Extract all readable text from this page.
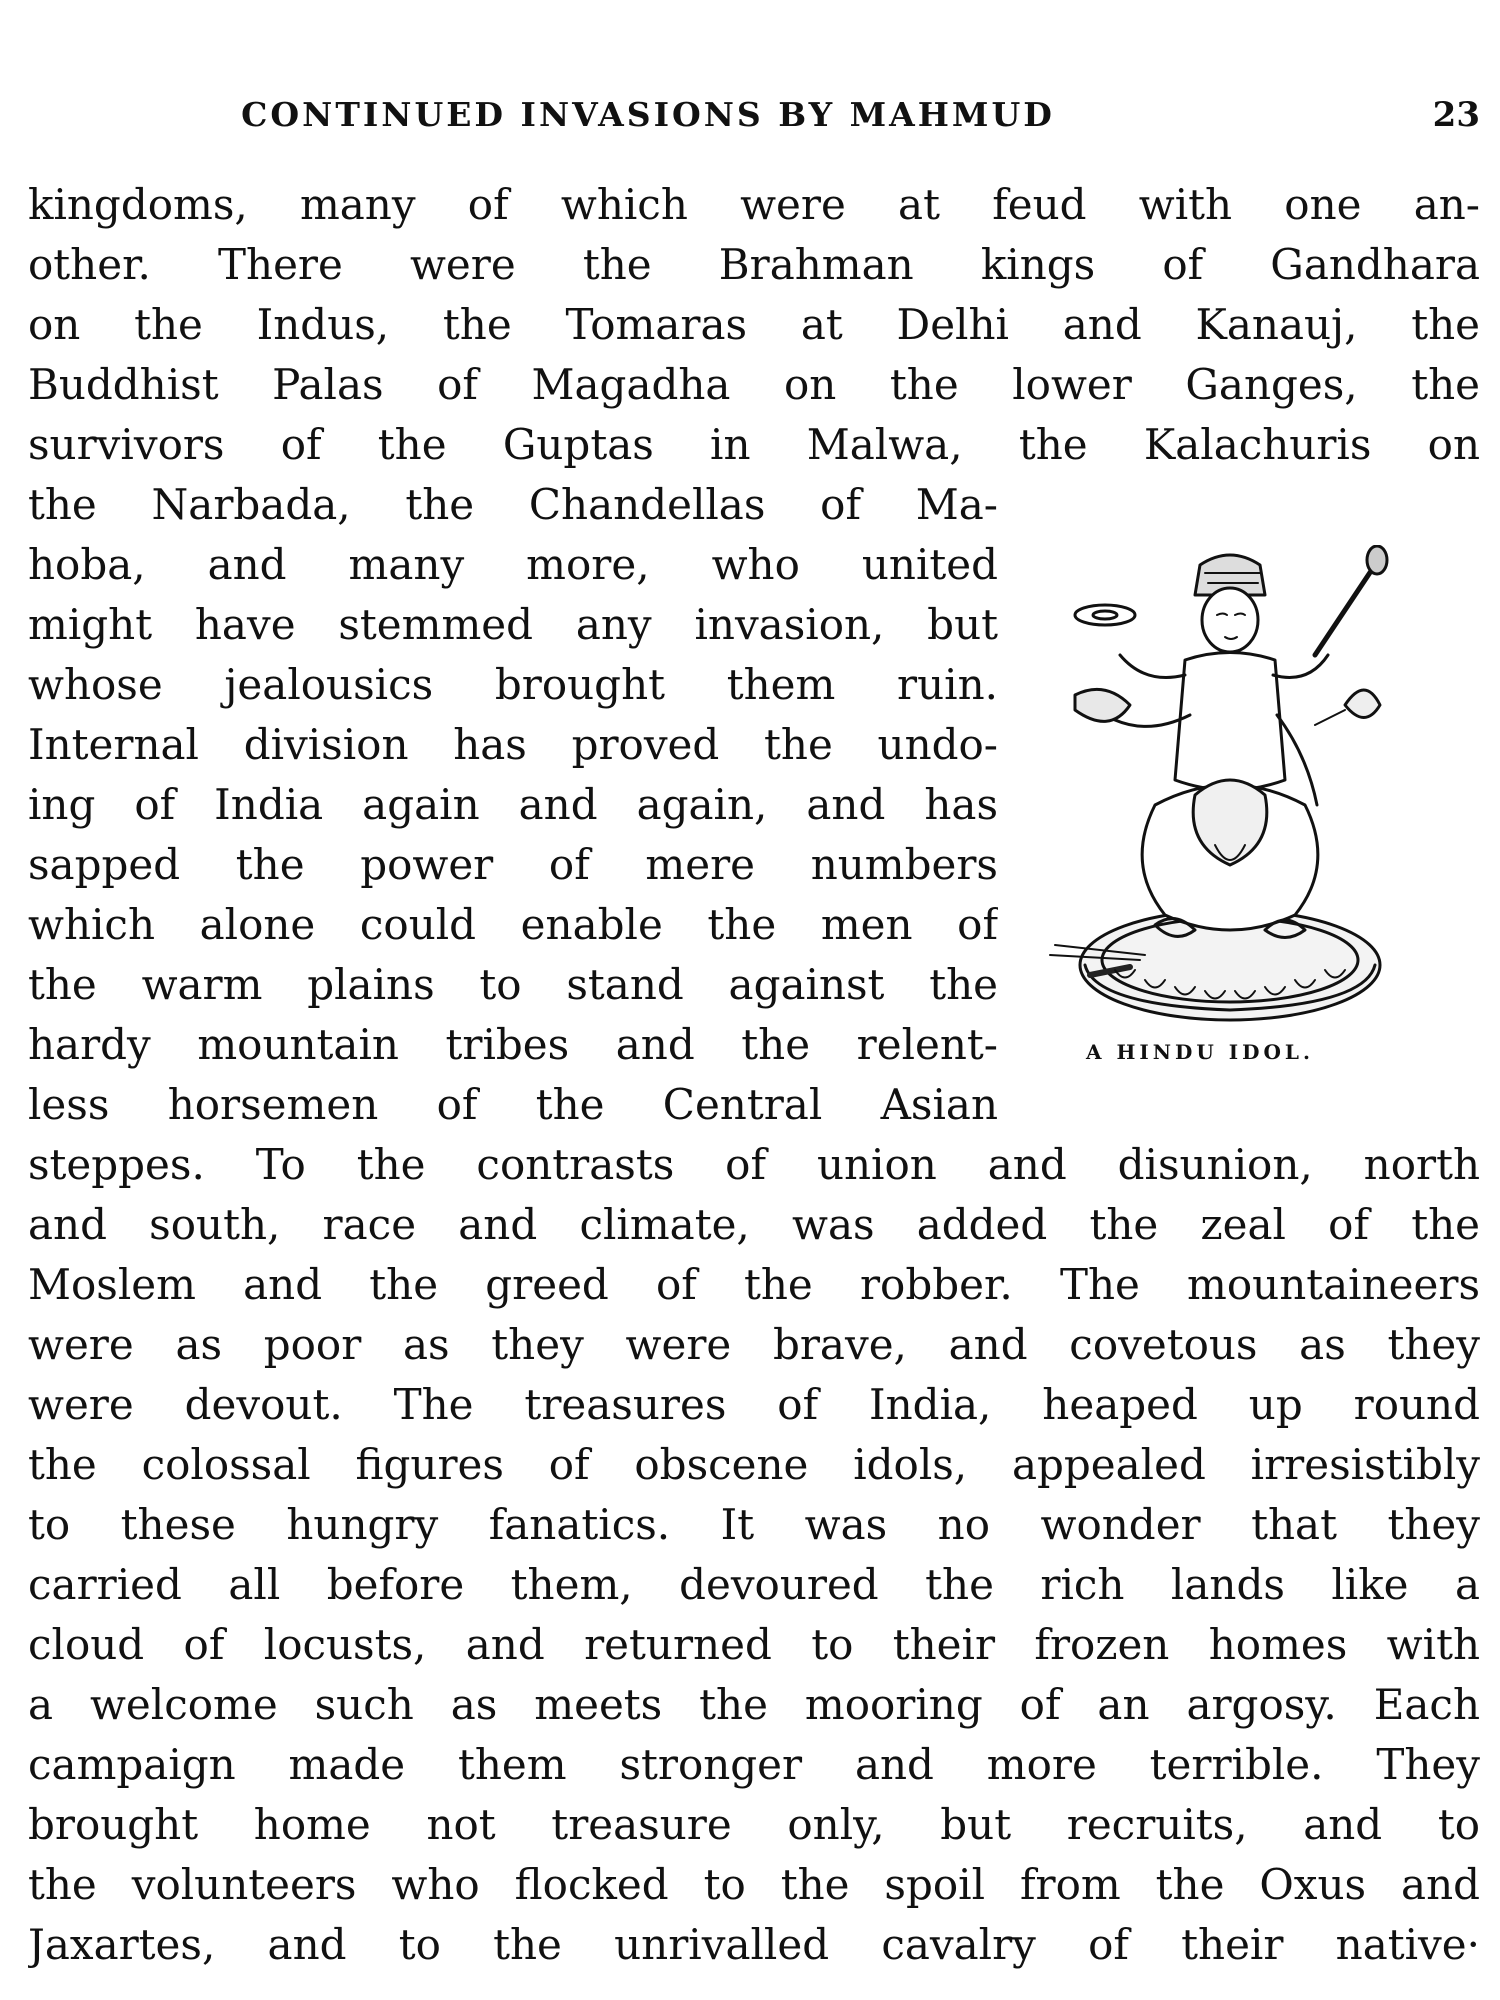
CONTINUED INVASIONS BY MAHMUD	23
kingdoms, many of which were at feud with one an-
other. There were the Brahman kings of Gandhara
on the Indus, the Tomaras at Delhi and Kanauj, the
Buddhist Palas of Magadha on the lower Ganges, the
survivors of the Guptas in Malwa, the Kalachuris on
the Narbada, the Chandellas of Ma-
hoba, and many more, who united
might have stemmed any invasion, but
whose jealousics brought them ruin.
Internal division has proved the undo-
ing of India again and again, and has
sapped the power of mere numbers
which alone could enable the men of
the warm plains to stand against the
hardy mountain tribes and the relent-
less horsemen of the Central Asian
steppes. To the contrasts of union and disunion, north
and south, race and climate, was added the zeal of the
Moslem and the greed of the robber. The mountaineers
were as poor as they were brave, and covetous as they
were devout. The treasures of India, heaped up round
the colossal figures of obscene idols, appealed irresistibly
to these hungry fanatics. It was no wonder that they
carried all before them, devoured the rich lands like a
cloud of locusts, and returned to their frozen homes with
a welcome such as meets the mooring of an argosy. Each
campaign made them stronger and more terrible. They
brought home not treasure only, but recruits, and to
the volunteers who flocked to the spoil from the Oxus and
Jaxartes, and to the unrivalled cavalry of their native·
A HINDU IDOL.
